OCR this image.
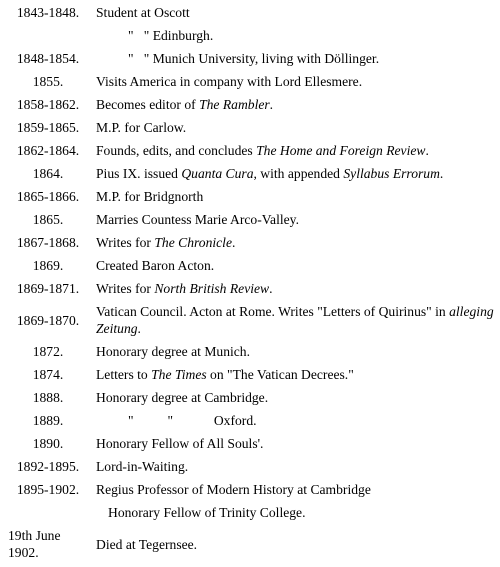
1843-1848.	Student at Oscott
	"   " Edinburgh.
1848-1854.	"   " Munich University, living with Döllinger.
1855.	Visits America in company with Lord Ellesmere.
1858-1862.	Becomes editor of The Rambler.
1859-1865.	M.P. for Carlow.
1862-1864.	Founds, edits, and concludes The Home and Foreign Review.
1864.	Pius IX. issued Quanta Cura, with appended Syllabus Errorum.
1865-1866.	M.P. for Bridgnorth
1865.	Marries Countess Marie Arco-Valley.
1867-1868.	Writes for The Chronicle.
1869.	Created Baron Acton.
1869-1871.	Writes for North British Review.
1869-1870.	Vatican Council. Acton at Rome. Writes "Letters of Quirinus" in alleging Zeitung.
1872.	Honorary degree at Munich.
1874.	Letters to The Times on "The Vatican Decrees."
1888.	Honorary degree at Cambridge.
1889.	"          "            Oxford.
1890.	Honorary Fellow of All Souls'.
1892-1895.	Lord-in-Waiting.
1895-1902.	Regius Professor of Modern History at Cambridge
	Honorary Fellow of Trinity College.
19th June 1902.	Died at Tegernsee.
